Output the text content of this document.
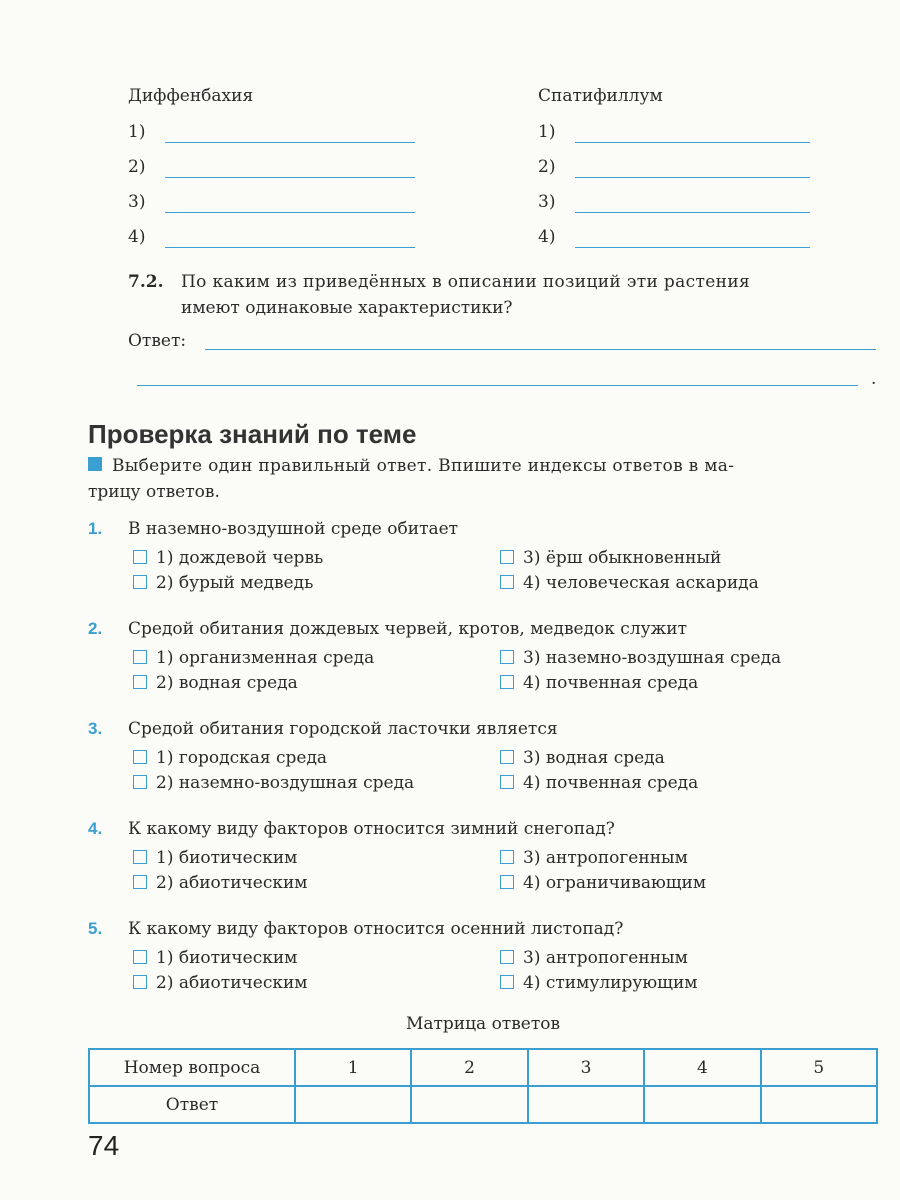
Диффенбахия
1)
2)
3)
4)
Спатифиллум
1)
2)
3)
4)
7.2. По каким из приведённых в описании позиций эти растения
имеют одинаковые характеристики?
Ответ:
.
Проверка знаний по теме
Выберите один правильный ответ. Впишите индексы ответов в ма-
трицу ответов.
1. В наземно-воздушной среде обитает
1) дождевой червь
2) бурый медведь
3) ёрш обыкновенный
4) человеческая аскарида
2. Средой обитания дождевых червей, кротов, медведок служит
1) организменная среда
2) водная среда
3) наземно-воздушная среда
4) почвенная среда
3. Средой обитания городской ласточки является
1) городская среда
2) наземно-воздушная среда
3) водная среда
4) почвенная среда
4. К какому виду факторов относится зимний снегопад?
1) биотическим
2) абиотическим
3) антропогенным
4) ограничивающим
5. К какому виду факторов относится осенний листопад?
1) биотическим
2) абиотическим
3) антропогенным
4) стимулирующим
Матрица ответов
Номер вопроса	1	2	3	4	5
Ответ					
74
